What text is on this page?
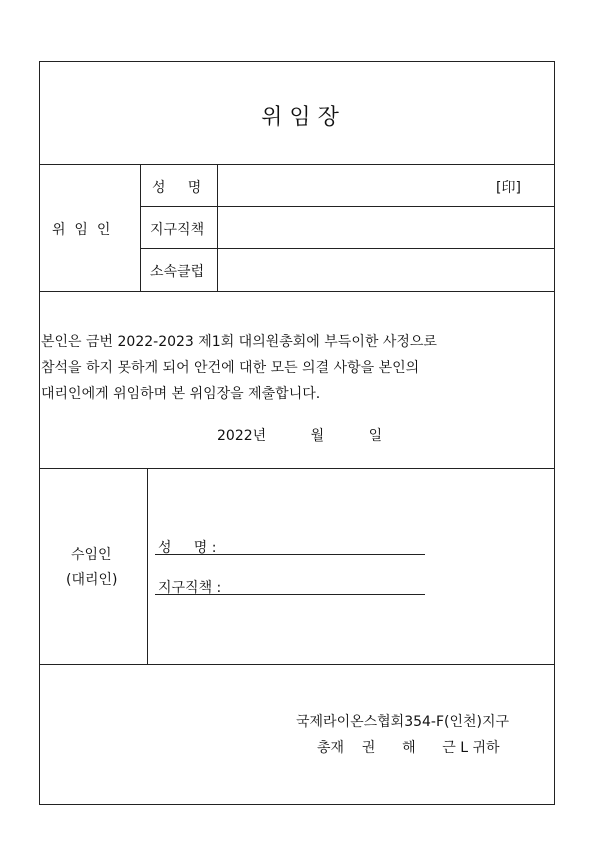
위 임 장
위  임  인
성     명	[印]
지구직책
소속클럽
본인은 금번 2022-2023 제1회 대의원총회에 부득이한 사정으로
참석을 하지 못하게 되어 안건에 대한 모든 의결 사항을 본인의
대리인에게 위임하며 본 위임장을 제출합니다.
2022년          월          일
수임인
(대리인)
성     명 :
지구직책 :
국제라이온스협회354-F(인천)지구
총재    권      해      근 L 귀하
